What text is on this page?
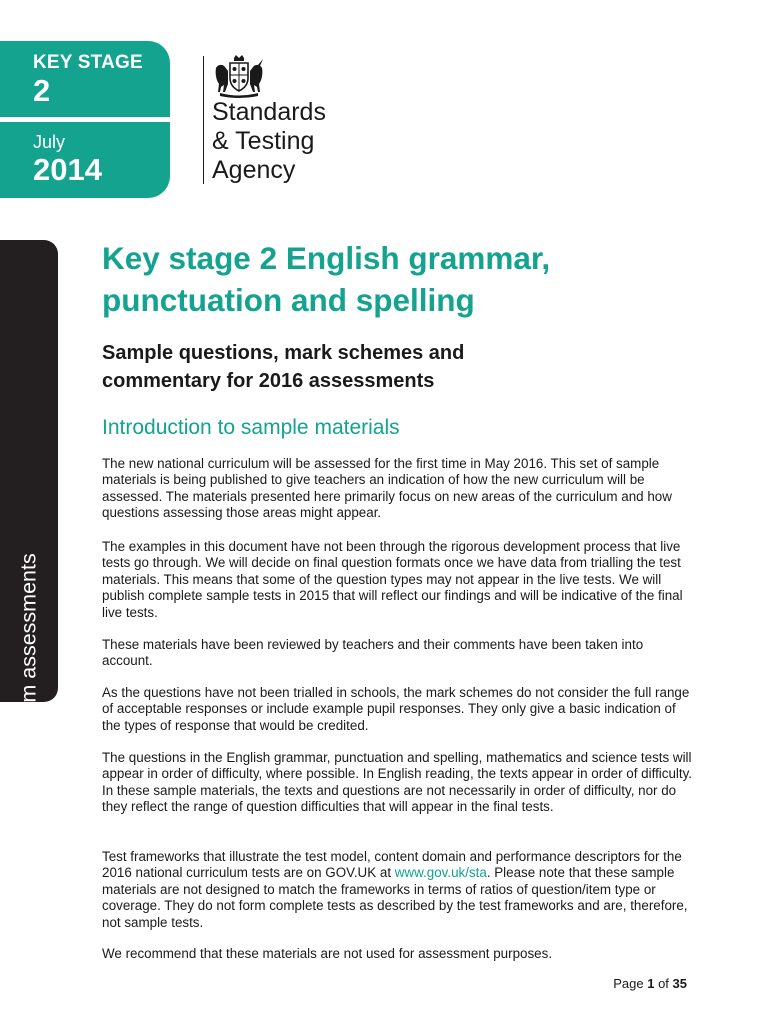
KEY STAGE

2

July

2014

Standards
& Testing
Agency

National curriculum assessments
Key stage 2 English grammar,
punctuation and spelling
Sample questions, mark schemes and
commentary for 2016 assessments
Introduction to sample materials

The new national curriculum will be assessed for the first time in May 2016. This set of sample materials is being published to give teachers an indication of how the new curriculum will be assessed. The materials presented here primarily focus on new areas of the curriculum and how questions assessing those areas might appear.

The examples in this document have not been through the rigorous development process that live tests go through. We will decide on final question formats once we have data from trialling the test materials. This means that some of the question types may not appear in the live tests. We will publish complete sample tests in 2015 that will reflect our findings and will be indicative of the final live tests.

These materials have been reviewed by teachers and their comments have been taken into account.

As the questions have not been trialled in schools, the mark schemes do not consider the full range of acceptable responses or include example pupil responses. They only give a basic indication of the types of response that would be credited.

The questions in the English grammar, punctuation and spelling, mathematics and science tests will appear in order of difficulty, where possible. In English reading, the texts appear in order of difficulty. In these sample materials, the texts and questions are not necessarily in order of difficulty, nor do they reflect the range of question difficulties that will appear in the final tests.

Test frameworks that illustrate the test model, content domain and performance descriptors for the 2016 national curriculum tests are on GOV.UK at www.gov.uk/sta. Please note that these sample materials are not designed to match the frameworks in terms of ratios of question/item type or coverage. They do not form complete tests as described by the test frameworks and are, therefore, not sample tests.

We recommend that these materials are not used for assessment purposes.

Page 1 of 35
